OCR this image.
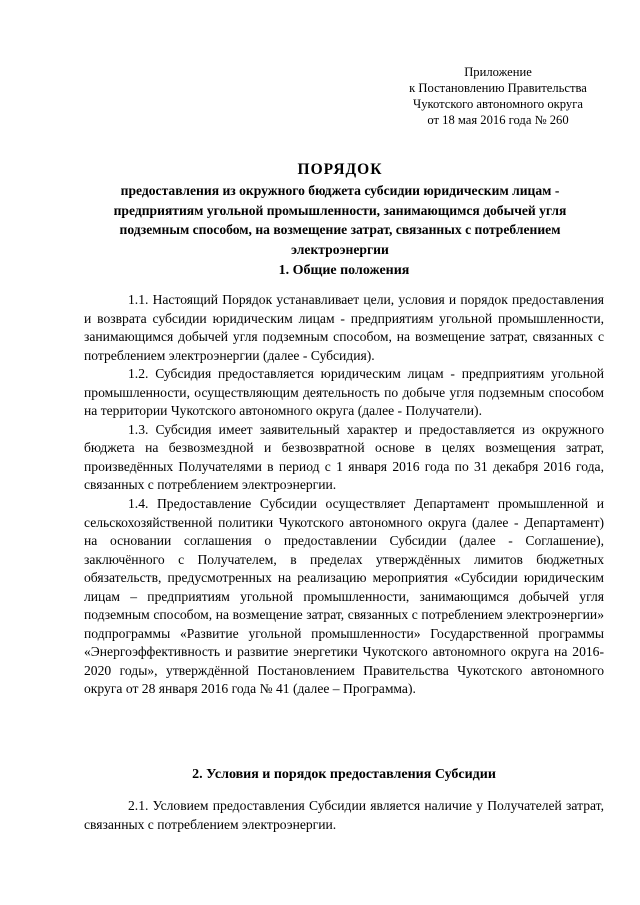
Приложение
к Постановлению Правительства
Чукотского автономного округа
от 18 мая 2016 года № 260
ПОРЯДОК
предоставления из окружного бюджета субсидии юридическим лицам - предприятиям угольной промышленности, занимающимся добычей угля подземным способом, на возмещение затрат, связанных с потреблением электроэнергии
1. Общие положения

1.1. Настоящий Порядок устанавливает цели, условия и порядок предоставления и возврата субсидии юридическим лицам - предприятиям угольной промышленности, занимающимся добычей угля подземным способом, на возмещение затрат, связанных с потреблением электроэнергии (далее - Субсидия).

1.2. Субсидия предоставляется юридическим лицам - предприятиям угольной промышленности, осуществляющим деятельность по добыче угля подземным способом на территории Чукотского автономного округа (далее - Получатели).

1.3. Субсидия имеет заявительный характер и предоставляется из окружного бюджета на безвозмездной и безвозвратной основе в целях возмещения затрат, произведённых Получателями в период с 1 января 2016 года по 31 декабря 2016 года, связанных с потреблением электроэнергии.

1.4. Предоставление Субсидии осуществляет Департамент промышленной и сельскохозяйственной политики Чукотского автономного округа (далее - Департамент) на основании соглашения о предоставлении Субсидии (далее - Соглашение), заключённого с Получателем, в пределах утверждённых лимитов бюджетных обязательств, предусмотренных на реализацию мероприятия «Субсидии юридическим лицам – предприятиям угольной промышленности, занимающимся добычей угля подземным способом, на возмещение затрат, связанных с потреблением электроэнергии» подпрограммы «Развитие угольной промышленности» Государственной программы «Энергоэффективность и развитие энергетики Чукотского автономного округа на 2016-2020 годы», утверждённой Постановлением Правительства Чукотского автономного округа от 28 января 2016 года № 41 (далее – Программа).

2. Условия и порядок предоставления Субсидии

2.1. Условием предоставления Субсидии является наличие у Получателей затрат, связанных с потреблением электроэнергии.
